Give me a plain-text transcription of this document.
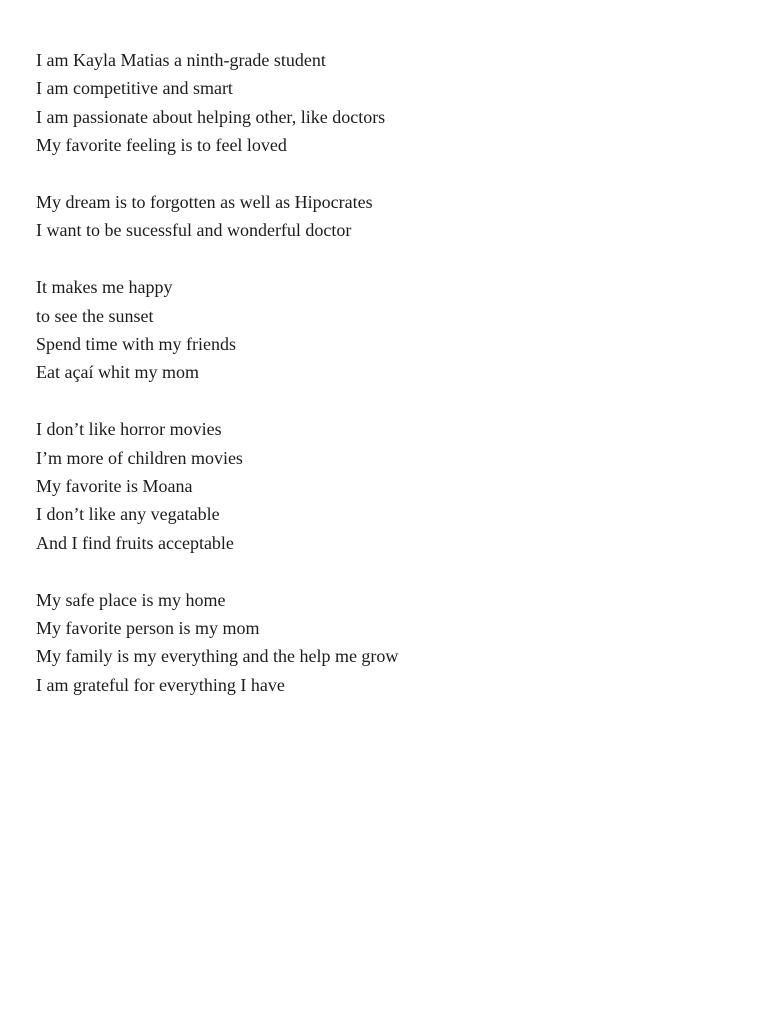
I am Kayla Matias a ninth-grade student
I am competitive and smart
I am passionate about helping other, like doctors
My favorite feeling is to feel loved
My dream is to forgotten as well as Hipocrates
I want to be sucessful and wonderful doctor
It makes me happy
to see the sunset
Spend time with my friends
Eat açaí whit my mom
I don’t like horror movies
I’m more of children movies
My favorite is Moana
I don’t like any vegatable
And I find fruits acceptable
My safe place is my home
My favorite person is my mom
My family is my everything and the help me grow
I am grateful for everything I have
